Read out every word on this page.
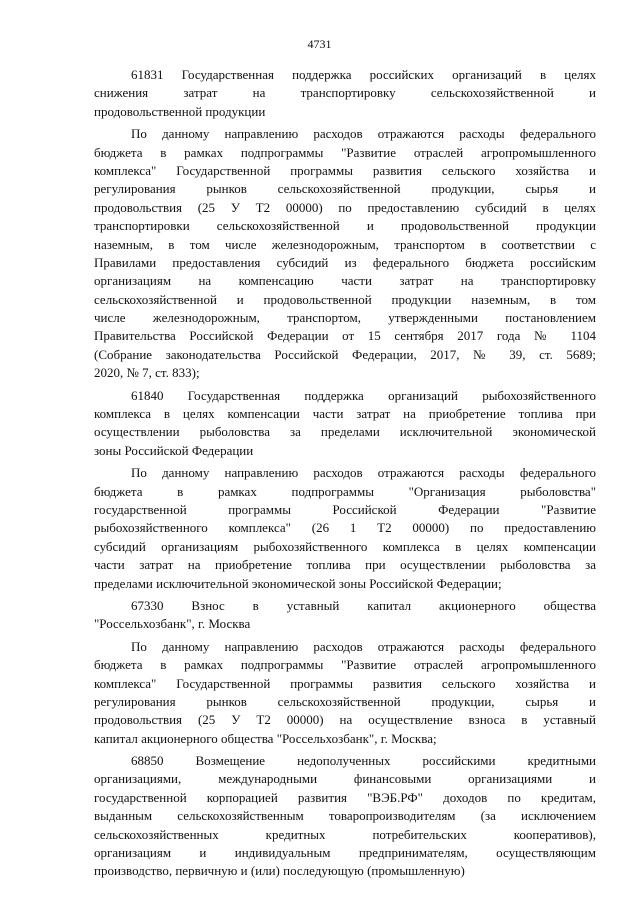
4731
61831 Государственная поддержка российских организаций в целях
снижения затрат на транспортировку сельскохозяйственной и
продовольственной продукции
По данному направлению расходов отражаются расходы федерального
бюджета в рамках подпрограммы "Развитие отраслей агропромышленного
комплекса" Государственной программы развития сельского хозяйства и
регулирования рынков сельскохозяйственной продукции, сырья и
продовольствия (25 У Т2 00000) по предоставлению субсидий в целях
транспортировки сельскохозяйственной и продовольственной продукции
наземным, в том числе железнодорожным, транспортом в соответствии с
Правилами предоставления субсидий из федерального бюджета российским
организациям на компенсацию части затрат на транспортировку
сельскохозяйственной и продовольственной продукции наземным, в том
числе железнодорожным, транспортом, утвержденными постановлением
Правительства Российской Федерации от 15 сентября 2017 года № 1104
(Собрание законодательства Российской Федерации, 2017, № 39, ст. 5689;
2020, № 7, ст. 833);
61840 Государственная поддержка организаций рыбохозяйственного
комплекса в целях компенсации части затрат на приобретение топлива при
осуществлении рыболовства за пределами исключительной экономической
зоны Российской Федерации
По данному направлению расходов отражаются расходы федерального
бюджета в рамках подпрограммы "Организация рыболовства"
государственной программы Российской Федерации "Развитие
рыбохозяйственного комплекса" (26 1 Т2 00000) по предоставлению
субсидий организациям рыбохозяйственного комплекса в целях компенсации
части затрат на приобретение топлива при осуществлении рыболовства за
пределами исключительной экономической зоны Российской Федерации;
67330 Взнос в уставный капитал акционерного общества
"Россельхозбанк", г. Москва
По данному направлению расходов отражаются расходы федерального
бюджета в рамках подпрограммы "Развитие отраслей агропромышленного
комплекса" Государственной программы развития сельского хозяйства и
регулирования рынков сельскохозяйственной продукции, сырья и
продовольствия (25 У Т2 00000) на осуществление взноса в уставный
капитал акционерного общества "Россельхозбанк", г. Москва;
68850 Возмещение недополученных российскими кредитными
организациями, международными финансовыми организациями и
государственной корпорацией развития "ВЭБ.РФ" доходов по кредитам,
выданным сельскохозяйственным товаропроизводителям (за исключением
сельскохозяйственных кредитных потребительских кооперативов),
организациям и индивидуальным предпринимателям, осуществляющим
производство, первичную и (или) последующую (промышленную)
